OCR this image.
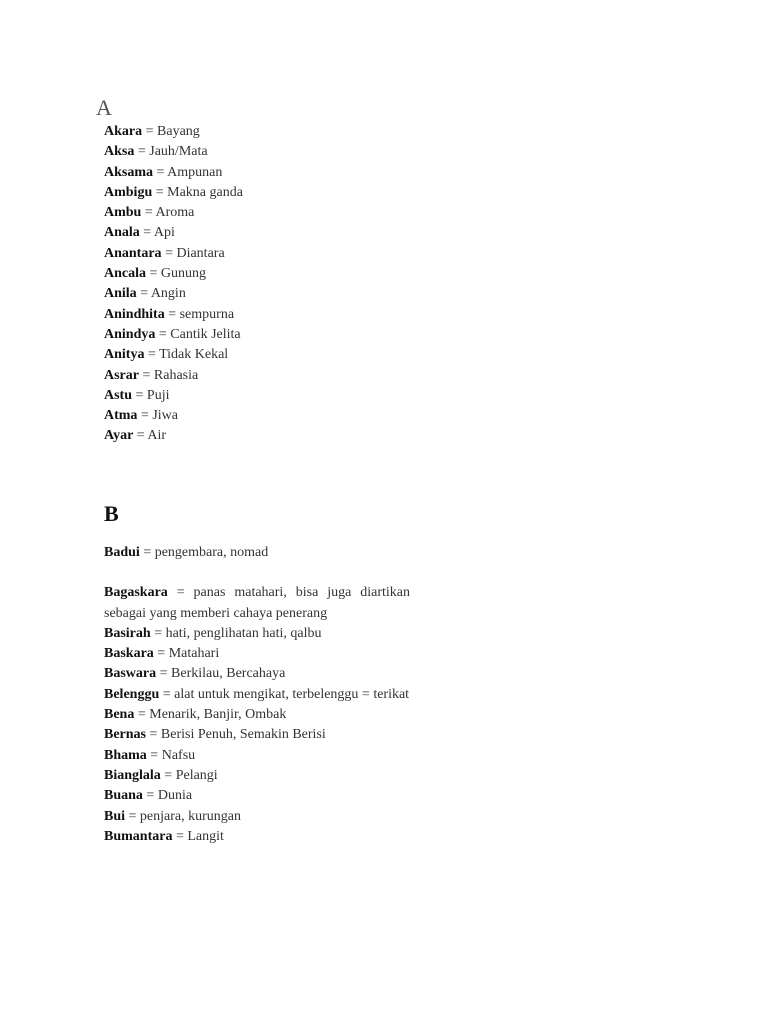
A
Akara = Bayang
Aksa = Jauh/Mata
Aksama = Ampunan
Ambigu = Makna ganda
Ambu = Aroma
Anala = Api
Anantara = Diantara
Ancala = Gunung
Anila = Angin
Anindhita = sempurna
Anindya = Cantik Jelita
Anitya = Tidak Kekal
Asrar = Rahasia
Astu = Puji
Atma = Jiwa
Ayar = Air
B
Badui = pengembara, nomad
Bagaskara = panas matahari, bisa juga diartikan sebagai yang memberi cahaya penerang
Basirah = hati, penglihatan hati, qalbu
Baskara = Matahari
Baswara = Berkilau, Bercahaya
Belenggu = alat untuk mengikat, terbelenggu = terikat
Bena = Menarik, Banjir, Ombak
Bernas = Berisi Penuh, Semakin Berisi
Bhama = Nafsu
Bianglala = Pelangi
Buana = Dunia
Bui = penjara, kurungan
Bumantara = Langit
